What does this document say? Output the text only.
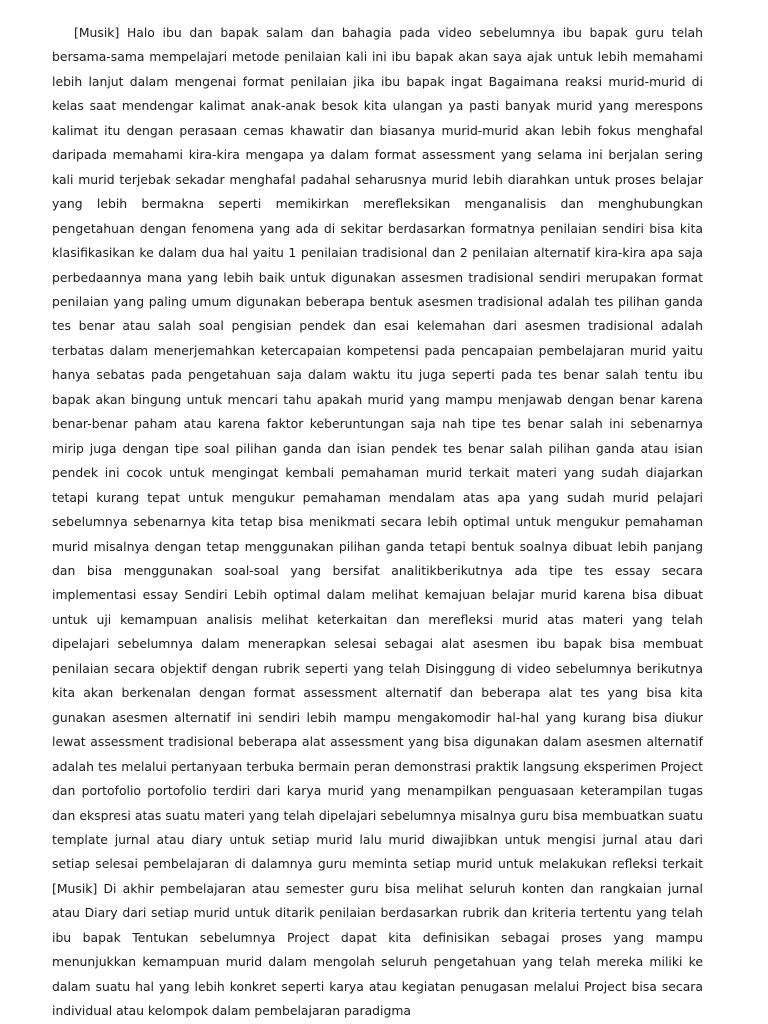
[Musik] Halo ibu dan bapak salam dan bahagia pada video sebelumnya ibu bapak guru telah bersama-sama mempelajari metode penilaian kali ini ibu bapak akan saya ajak untuk lebih memahami lebih lanjut dalam mengenai format penilaian jika ibu bapak ingat Bagaimana reaksi murid-murid di kelas saat mendengar kalimat anak-anak besok kita ulangan ya pasti banyak murid yang merespons kalimat itu dengan perasaan cemas khawatir dan biasanya murid-murid akan lebih fokus menghafal daripada memahami kira-kira mengapa ya dalam format assessment yang selama ini berjalan sering kali murid terjebak sekadar menghafal padahal seharusnya murid lebih diarahkan untuk proses belajar yang lebih bermakna seperti memikirkan merefleksikan menganalisis dan menghubungkan pengetahuan dengan fenomena yang ada di sekitar berdasarkan formatnya penilaian sendiri bisa kita klasifikasikan ke dalam dua hal yaitu 1 penilaian tradisional dan 2 penilaian alternatif kira-kira apa saja perbedaannya mana yang lebih baik untuk digunakan assesmen tradisional sendiri merupakan format penilaian yang paling umum digunakan beberapa bentuk asesmen tradisional adalah tes pilihan ganda tes benar atau salah soal pengisian pendek dan esai kelemahan dari asesmen tradisional adalah terbatas dalam menerjemahkan ketercapaian kompetensi pada pencapaian pembelajaran murid yaitu hanya sebatas pada pengetahuan saja dalam waktu itu juga seperti pada tes benar salah tentu ibu bapak akan bingung untuk mencari tahu apakah murid yang mampu menjawab dengan benar karena benar-benar paham atau karena faktor keberuntungan saja nah tipe tes benar salah ini sebenarnya mirip juga dengan tipe soal pilihan ganda dan isian pendek tes benar salah pilihan ganda atau isian pendek ini cocok untuk mengingat kembali pemahaman murid terkait materi yang sudah diajarkan tetapi kurang tepat untuk mengukur pemahaman mendalam atas apa yang sudah murid pelajari sebelumnya sebenarnya kita tetap bisa menikmati secara lebih optimal untuk mengukur pemahaman murid misalnya dengan tetap menggunakan pilihan ganda tetapi bentuk soalnya dibuat lebih panjang dan bisa menggunakan soal-soal yang bersifat analitikberikutnya ada tipe tes essay secara implementasi essay Sendiri Lebih optimal dalam melihat kemajuan belajar murid karena bisa dibuat untuk uji kemampuan analisis melihat keterkaitan dan merefleksi murid atas materi yang telah dipelajari sebelumnya dalam menerapkan selesai sebagai alat asesmen ibu bapak bisa membuat penilaian secara objektif dengan rubrik seperti yang telah Disinggung di video sebelumnya berikutnya kita akan berkenalan dengan format assessment alternatif dan beberapa alat tes yang bisa kita gunakan asesmen alternatif ini sendiri lebih mampu mengakomodir hal-hal yang kurang bisa diukur lewat assessment tradisional beberapa alat assessment yang bisa digunakan dalam asesmen alternatif adalah tes melalui pertanyaan terbuka bermain peran demonstrasi praktik langsung eksperimen Project dan portofolio portofolio terdiri dari karya murid yang menampilkan penguasaan keterampilan tugas dan ekspresi atas suatu materi yang telah dipelajari sebelumnya misalnya guru bisa membuatkan suatu template jurnal atau diary untuk setiap murid lalu murid diwajibkan untuk mengisi jurnal atau dari setiap selesai pembelajaran di dalamnya guru meminta setiap murid untuk melakukan refleksi terkait [Musik] Di akhir pembelajaran atau semester guru bisa melihat seluruh konten dan rangkaian jurnal atau Diary dari setiap murid untuk ditarik penilaian berdasarkan rubrik dan kriteria tertentu yang telah ibu bapak Tentukan sebelumnya Project dapat kita definisikan sebagai proses yang mampu menunjukkan kemampuan murid dalam mengolah seluruh pengetahuan yang telah mereka miliki ke dalam suatu hal yang lebih konkret seperti karya atau kegiatan penugasan melalui Project bisa secara individual atau kelompok dalam pembelajaran paradigma
